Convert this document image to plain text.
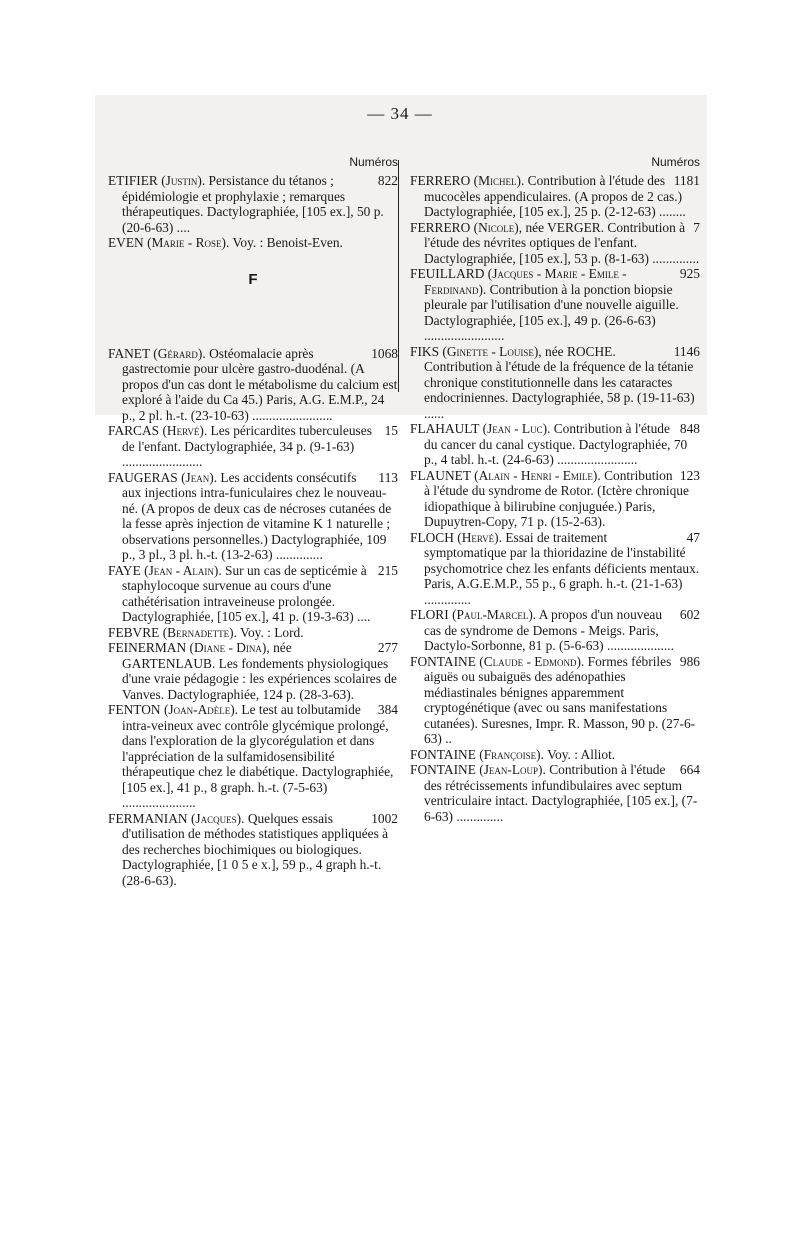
— 34 —
Numéros

822
ETIFIER (Justin). Persistance du tétanos ; épidémiologie et prophylaxie ; remarques thérapeutiques. Dactylographiée, [105 ex.], 50 p. (20-6-63) ....

EVEN (Marie - Rose). Voy. : Benoist-Even.

F

1068
FANET (Gérard). Ostéomalacie après gastrectomie pour ulcère gastro-duodénal. (A propos d'un cas dont le métabolisme du calcium est exploré à l'aide du Ca 45.) Paris, A.G. E.M.P., 24 p., 2 pl. h.-t. (23-10-63) ........................

15
FARCAS (Hervé). Les péricardites tuberculeuses de l'enfant. Dactylographiée, 34 p. (9-1-63) ........................

113
FAUGERAS (Jean). Les accidents consécutifs aux injections intra-funiculaires chez le nouveau-né. (A propos de deux cas de nécroses cutanées de la fesse après injection de vitamine K 1 naturelle ; observations personnelles.) Dactylographiée, 109 p., 3 pl., 3 pl. h.-t. (13-2-63) ..............

215
FAYE (Jean - Alain). Sur un cas de septicémie à staphylocoque survenue au cours d'une cathétérisation intraveineuse prolongée. Dactylographiée, [105 ex.], 41 p. (19-3-63) ....

FEBVRE (Bernadette). Voy. : Lord.

277
FEINERMAN (Diane - Dina), née GARTENLAUB. Les fondements physiologiques d'une vraie pédagogie : les expériences scolaires de Vanves. Dactylographiée, 124 p. (28-3-63).

384
FENTON (Joan-Adèle). Le test au tolbutamide intra-veineux avec contrôle glycémique prolongé, dans l'exploration de la glycorégulation et dans l'appréciation de la sulfamidosensibilité thérapeutique chez le diabétique. Dactylographiée, [105 ex.], 41 p., 8 graph. h.-t. (7-5-63) ......................

1002
FERMANIAN (Jacques). Quelques essais d'utilisation de méthodes statistiques appliquées à des recherches biochimiques ou biologiques. Dactylographiée, [1 0 5 e x.], 59 p., 4 graph h.-t. (28-6-63).

Numéros

1181
FERRERO (Michel). Contribution à l'étude des mucocèles appendiculaires. (A propos de 2 cas.) Dactylographiée, [105 ex.], 25 p. (2-12-63) ........

7
FERRERO (Nicole), née VERGER. Contribution à l'étude des névrites optiques de l'enfant. Dactylographiée, [105 ex.], 53 p. (8-1-63) ..............

925
FEUILLARD (Jacques - Marie - Emile - Ferdinand). Contribution à la ponction biopsie pleurale par l'utilisation d'une nouvelle aiguille. Dactylographiée, [105 ex.], 49 p. (26-6-63) ........................

1146
FIKS (Ginette - Louise), née ROCHE. Contribution à l'étude de la fréquence de la tétanie chronique constitutionnelle dans les cataractes endocriniennes. Dactylographiée, 58 p. (19-11-63) ......

848
FLAHAULT (Jean - Luc). Contribution à l'étude du cancer du canal cystique. Dactylographiée, 70 p., 4 tabl. h.-t. (24-6-63) ........................

123
FLAUNET (Alain - Henri - Emile). Contribution à l'étude du syndrome de Rotor. (Ictère chronique idiopathique à bilirubine conjuguée.) Paris, Dupuytren-Copy, 71 p. (15-2-63).

47
FLOCH (Hervé). Essai de traitement symptomatique par la thioridazine de l'instabilité psychomotrice chez les enfants déficients mentaux. Paris, A.G.E.M.P., 55 p., 6 graph. h.-t. (21-1-63) ..............

602
FLORI (Paul-Marcel). A propos d'un nouveau cas de syndrome de Demons - Meigs. Paris, Dactylo-Sorbonne, 81 p. (5-6-63) ....................

986
FONTAINE (Claude - Edmond). Formes fébriles aiguës ou subaiguës des adénopathies médiastinales bénignes apparemment cryptogénétique (avec ou sans manifestations cutanées). Suresnes, Impr. R. Masson, 90 p. (27-6-63) ..

FONTAINE (Françoise). Voy. : Alliot.

664
FONTAINE (Jean-Loup). Contribution à l'étude des rétrécissements infundibulaires avec septum ventriculaire intact. Dactylographiée, [105 ex.], (7-6-63) ..............
